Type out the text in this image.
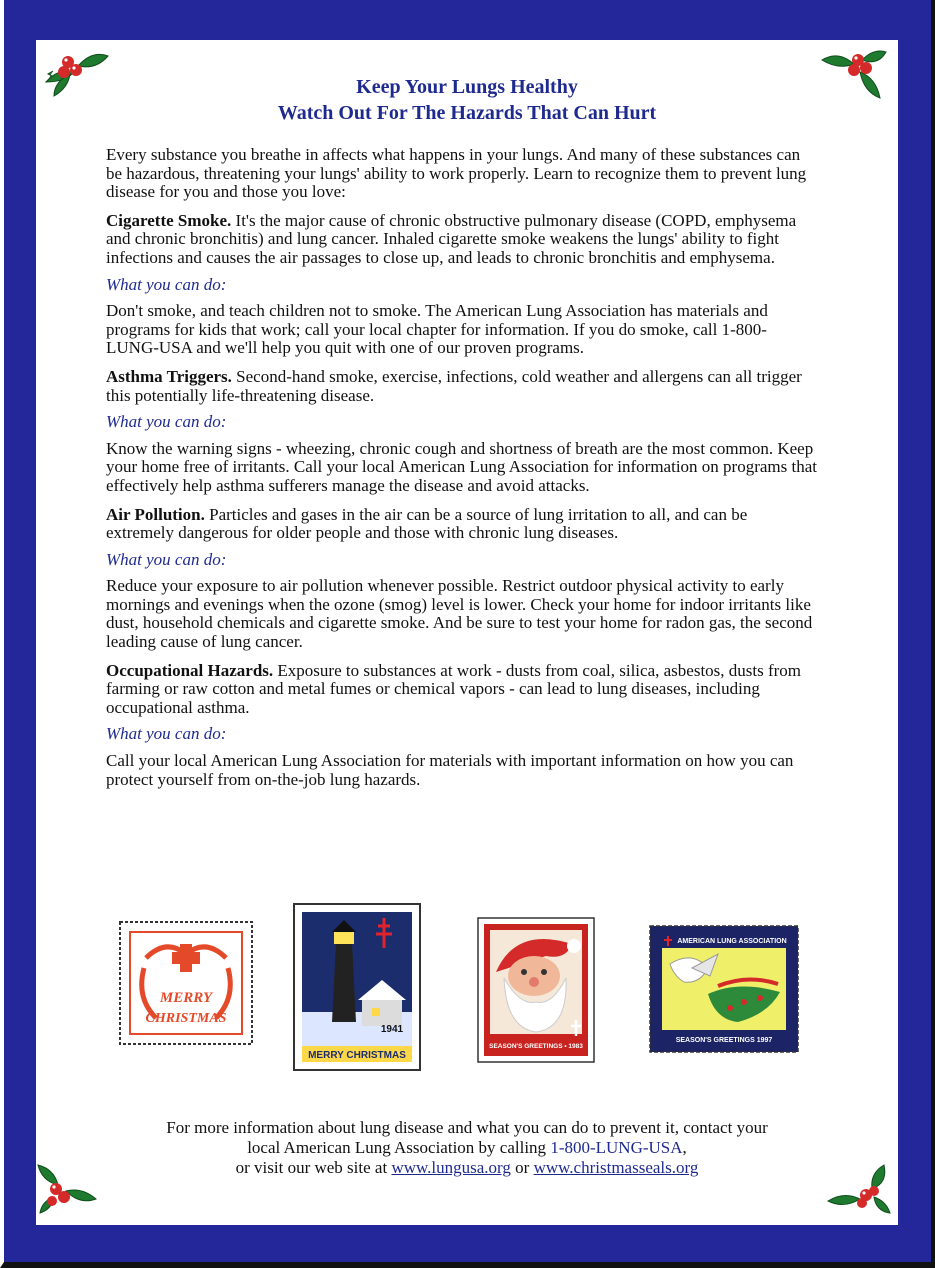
Keep Your Lungs Healthy
Watch Out For The Hazards That Can Hurt

Every substance you breathe in affects what happens in your lungs. And many of these substances can be hazardous, threatening your lungs' ability to work properly. Learn to recognize them to prevent lung disease for you and those you love:

Cigarette Smoke. It's the major cause of chronic obstructive pulmonary disease (COPD, emphysema and chronic bronchitis) and lung cancer. Inhaled cigarette smoke weakens the lungs' ability to fight infections and causes the air passages to close up, and leads to chronic bronchitis and emphysema.

What you can do:

Don't smoke, and teach children not to smoke. The American Lung Association has materials and programs for kids that work; call your local chapter for information. If you do smoke, call 1-800-LUNG-USA and we'll help you quit with one of our proven programs.

Asthma Triggers. Second-hand smoke, exercise, infections, cold weather and allergens can all trigger this potentially life-threatening disease.

What you can do:

Know the warning signs - wheezing, chronic cough and shortness of breath are the most common. Keep your home free of irritants. Call your local American Lung Association for information on programs that effectively help asthma sufferers manage the disease and avoid attacks.

Air Pollution. Particles and gases in the air can be a source of lung irritation to all, and can be extremely dangerous for older people and those with chronic lung diseases.

What you can do:

Reduce your exposure to air pollution whenever possible. Restrict outdoor physical activity to early mornings and evenings when the ozone (smog) level is lower. Check your home for indoor irritants like dust, household chemicals and cigarette smoke. And be sure to test your home for radon gas, the second leading cause of lung cancer.

Occupational Hazards. Exposure to substances at work - dusts from coal, silica, asbestos, dusts from farming or raw cotton and metal fumes or chemical vapors - can lead to lung diseases, including occupational asthma.

What you can do:

Call your local American Lung Association for materials with important information on how you can protect yourself from on-the-job lung hazards.

MERRY
CHRISTMAS
1941
MERRY CHRISTMAS
SEASON'S GREETINGS • 1983
AMERICAN LUNG ASSOCIATION
SEASON'S GREETINGS 1997
For more information about lung disease and what you can do to prevent it, contact your
local American Lung Association by calling 1-800-LUNG-USA,
or visit our web site at www.lungusa.org or www.christmasseals.org
